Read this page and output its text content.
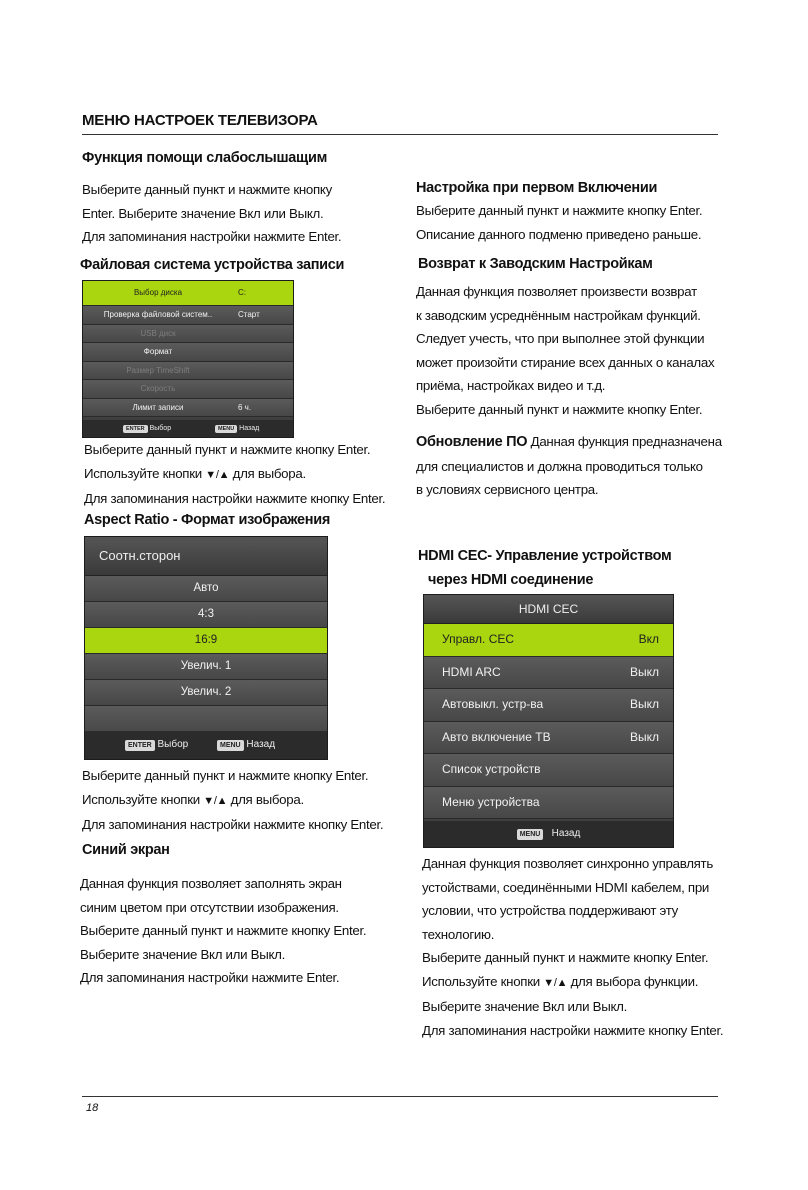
МЕНЮ НАСТРОЕК ТЕЛЕВИЗОРА
Функция помощи слабослышащим
Выберите данный пункт и нажмите кнопку
Enter. Выберите значение Вкл или Выкл.
Для запоминания настройки нажмите Enter.
Файловая система устройства записи
Выбор диска	C:
Проверка файловой систем..	Старт
USB диск
Формат
Размер TimeShift
Скорость
Лимит записи	6 ч.
ENTER Выбор	MENU Назад
Выберите данный пункт и нажмите кнопку Enter.
Используйте кнопки ▼/▲ для выбора.
Для запоминания настройки нажмите кнопку Enter.
Aspect Ratio - Формат изображения
Соотн.сторон
Авто
4:3
16:9
Увелич. 1
Увелич. 2
ENTER Выбор	MENU Назад
Выберите данный пункт и нажмите кнопку Enter.
Используйте кнопки ▼/▲ для выбора.
Для запоминания настройки нажмите кнопку Enter.
Синий экран
Данная функция позволяет заполнять экран
синим цветом при отсутствии изображения.
Выберите данный пункт и нажмите кнопку Enter.
Выберите значение Вкл или Выкл.
Для запоминания настройки нажмите Enter.
Настройка при первом Включении
Выберите данный пункт и нажмите кнопку Enter.
Описание данного подменю приведено раньше.
Возврат к Заводским Настройкам
Данная функция позволяет произвести возврат
к заводским усреднённым настройкам функций.
Следует учесть, что при выполнее этой функции
может произойти стирание всех данных о каналах
приёма, настройках видео и т.д.
Выберите данный пункт и нажмите кнопку Enter.
Обновление ПО Данная функция предназначена
для специалистов и должна проводиться только
в условиях сервисного центра.
HDMI CEC- Управление устройством
через HDMI соединение
HDMI CEC
Управл. CEC	Вкл
HDMI ARC	Выкл
Автовыкл. устр-ва	Выкл
Авто включение ТВ	Выкл
Список устройств
Меню устройства
MENU Назад
Данная функция позволяет синхронно управлять
устойствами, соединёнными HDMI кабелем, при
условии, что устройства поддерживают эту
технологию.
Выберите данный пункт и нажмите кнопку Enter.
Используйте кнопки ▼/▲ для выбора функции.
Выберите значение Вкл или Выкл.
Для запоминания настройки нажмите кнопку Enter.
18
